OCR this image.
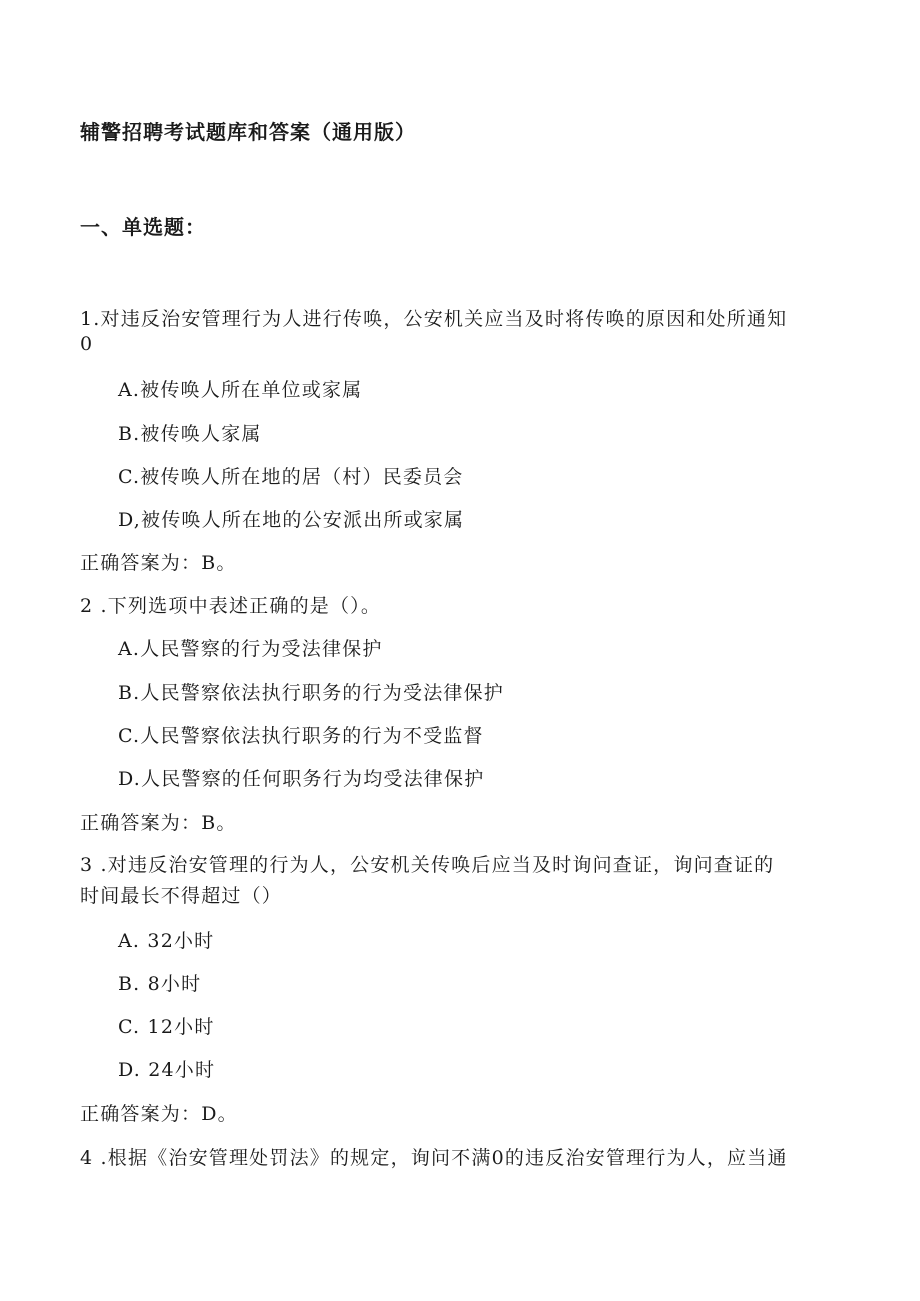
辅警招聘考试题库和答案（通用版）
一、单选题：
1.对违反治安管理行为人进行传唤，公安机关应当及时将传唤的原因和处所通知
0
A.被传唤人所在单位或家属
B.被传唤人家属
C.被传唤人所在地的居（村）民委员会
D,被传唤人所在地的公安派出所或家属
正确答案为：B。
2 .下列选项中表述正确的是（）。
A.人民警察的行为受法律保护
B.人民警察依法执行职务的行为受法律保护
C.人民警察依法执行职务的行为不受监督
D.人民警察的任何职务行为均受法律保护
正确答案为：B。
3 .对违反治安管理的行为人，公安机关传唤后应当及时询问查证，询问查证的
时间最长不得超过（）
A. 32小时
B. 8小时
C. 12小时
D. 24小时
正确答案为：D。
4 .根据《治安管理处罚法》的规定，询问不满0的违反治安管理行为人，应当通
